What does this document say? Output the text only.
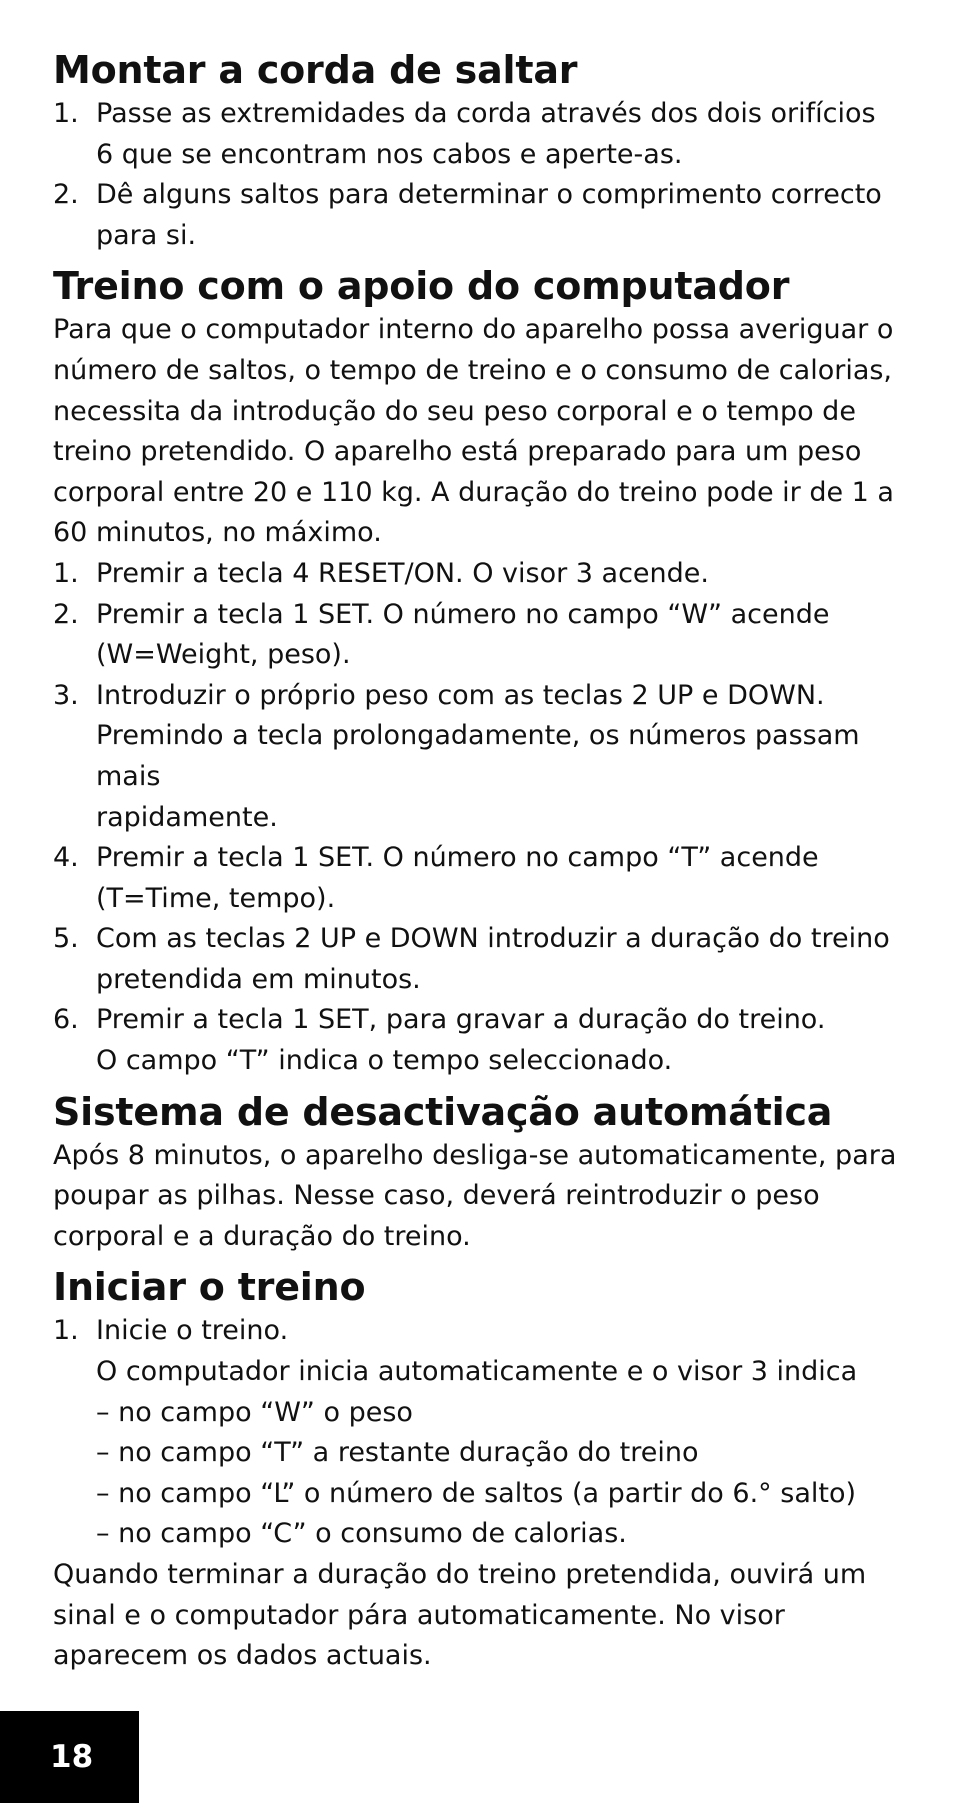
Montar a corda de saltar
1. Passe as extremidades da corda através dos dois orifícios
6 que se encontram nos cabos e aperte-as.
2. Dê alguns saltos para determinar o comprimento correcto
para si.
Treino com o apoio do computador

Para que o computador interno do aparelho possa averiguar o número de saltos, o tempo de treino e o consumo de calorias, necessita da introdução do seu peso corporal e o tempo de treino pretendido. O aparelho está preparado para um peso corporal entre 20 e 110 kg. A duração do treino pode ir de 1 a 60 minutos, no máximo.

1. Premir a tecla 4 RESET/ON. O visor 3 acende.
2. Premir a tecla 1 SET. O número no campo “W” acende
(W=Weight, peso).
3. Introduzir o próprio peso com as teclas 2 UP e DOWN.
Premindo a tecla prolongadamente, os números passam mais
rapidamente.
4. Premir a tecla 1 SET. O número no campo “T” acende
(T=Time, tempo).
5. Com as teclas 2 UP e DOWN introduzir a duração do treino
pretendida em minutos.
6. Premir a tecla 1 SET, para gravar a duração do treino.
O campo “T” indica o tempo seleccionado.
Sistema de desactivação automática

Após 8 minutos, o aparelho desliga-se automaticamente, para poupar as pilhas. Nesse caso, deverá reintroduzir o peso corporal e a duração do treino.

Iniciar o treino
1. Inicie o treino.
O computador inicia automaticamente e o visor 3 indica
– no campo “W” o peso
– no campo “T” a restante duração do treino
– no campo “L” o número de saltos (a partir do 6.° salto)
– no campo “C” o consumo de calorias.

Quando terminar a duração do treino pretendida, ouvirá um sinal e o computador pára automaticamente. No visor aparecem os dados actuais.

18
